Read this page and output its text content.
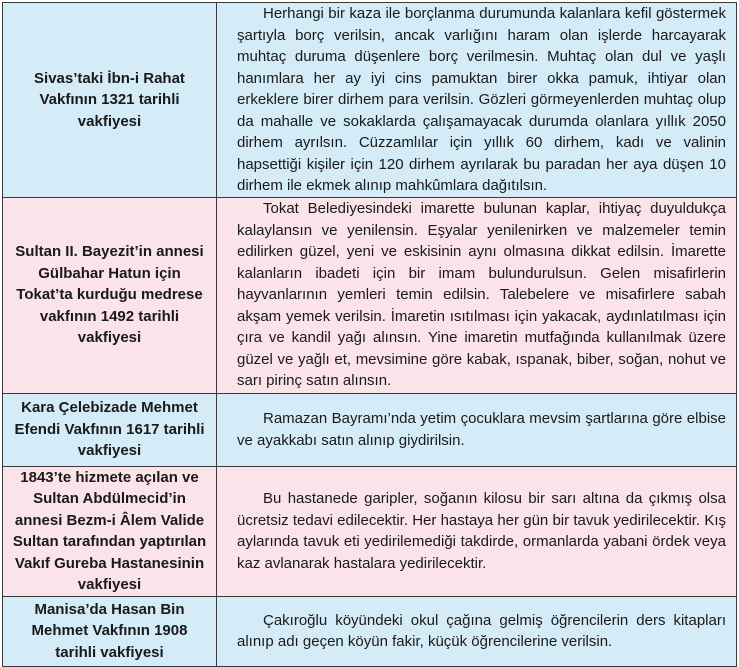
Sivas’taki İbn-i Rahat Vakfının 1321 tarihli vakfiyesi	Herhangi bir kaza ile borçlanma durumunda kalanlara kefil göstermek şartıyla borç verilsin, ancak varlığını haram olan işlerde harcayarak muhtaç duruma düşenlere borç verilmesin. Muhtaç olan dul ve yaşlı hanımlara her ay iyi cins pamuktan birer okka pamuk, ihtiyar olan erkeklere birer dirhem para verilsin. Gözleri görmeyenlerden muhtaç olup da mahalle ve sokaklarda çalışamayacak durumda olanlara yıllık 2050 dirhem ayrılsın. Cüzzamlılar için yıllık 60 dirhem, kadı ve valinin hapsettiği kişiler için 120 dirhem ayrılarak bu paradan her aya düşen 10 dirhem ile ekmek alınıp mahkûmlara dağıtılsın.
Sultan II. Bayezit’in annesi Gülbahar Hatun için Tokat’ta kurduğu medrese vakfının 1492 tarihli vakfiyesi	Tokat Belediyesindeki imarette bulunan kaplar, ihtiyaç duyuldukça kalaylansın ve yenilensin. Eşyalar yenilenirken ve malzemeler temin edilirken güzel, yeni ve eskisinin aynı olmasına dikkat edilsin. İmarette kalanların ibadeti için bir imam bulundurulsun. Gelen misafirlerin hayvanlarının yemleri temin edilsin. Talebelere ve misafirlere sabah akşam yemek verilsin. İmaretin ısıtılması için yakacak, aydınlatılması için çıra ve kandil yağı alınsın. Yine imaretin mutfağında kullanılmak üzere güzel ve yağlı et, mevsimine göre kabak, ıspanak, biber, soğan, nohut ve sarı pirinç satın alınsın.
Kara Çelebizade Mehmet Efendi Vakfının 1617 tarihli vakfiyesi	Ramazan Bayramı’nda yetim çocuklara mevsim şartlarına göre elbise ve ayakkabı satın alınıp giydirilsin.
1843’te hizmete açılan ve Sultan Abdülmecid’in annesi Bezm-i Âlem Valide Sultan tarafından yaptırılan Vakıf Gureba Hastanesinin vakfiyesi	Bu hastanede garipler, soğanın kilosu bir sarı altına da çıkmış olsa ücretsiz tedavi edilecektir. Her hastaya her gün bir tavuk yedirilecektir. Kış aylarında tavuk eti yedirilemediği takdirde, ormanlarda yabani ördek veya kaz avlanarak hastalara yedirilecektir.
Manisa’da Hasan Bin Mehmet Vakfının 1908 tarihli vakfiyesi	Çakıroğlu köyündeki okul çağına gelmiş öğrencilerin ders kitapları alınıp adı geçen köyün fakir, küçük öğrencilerine verilsin.
